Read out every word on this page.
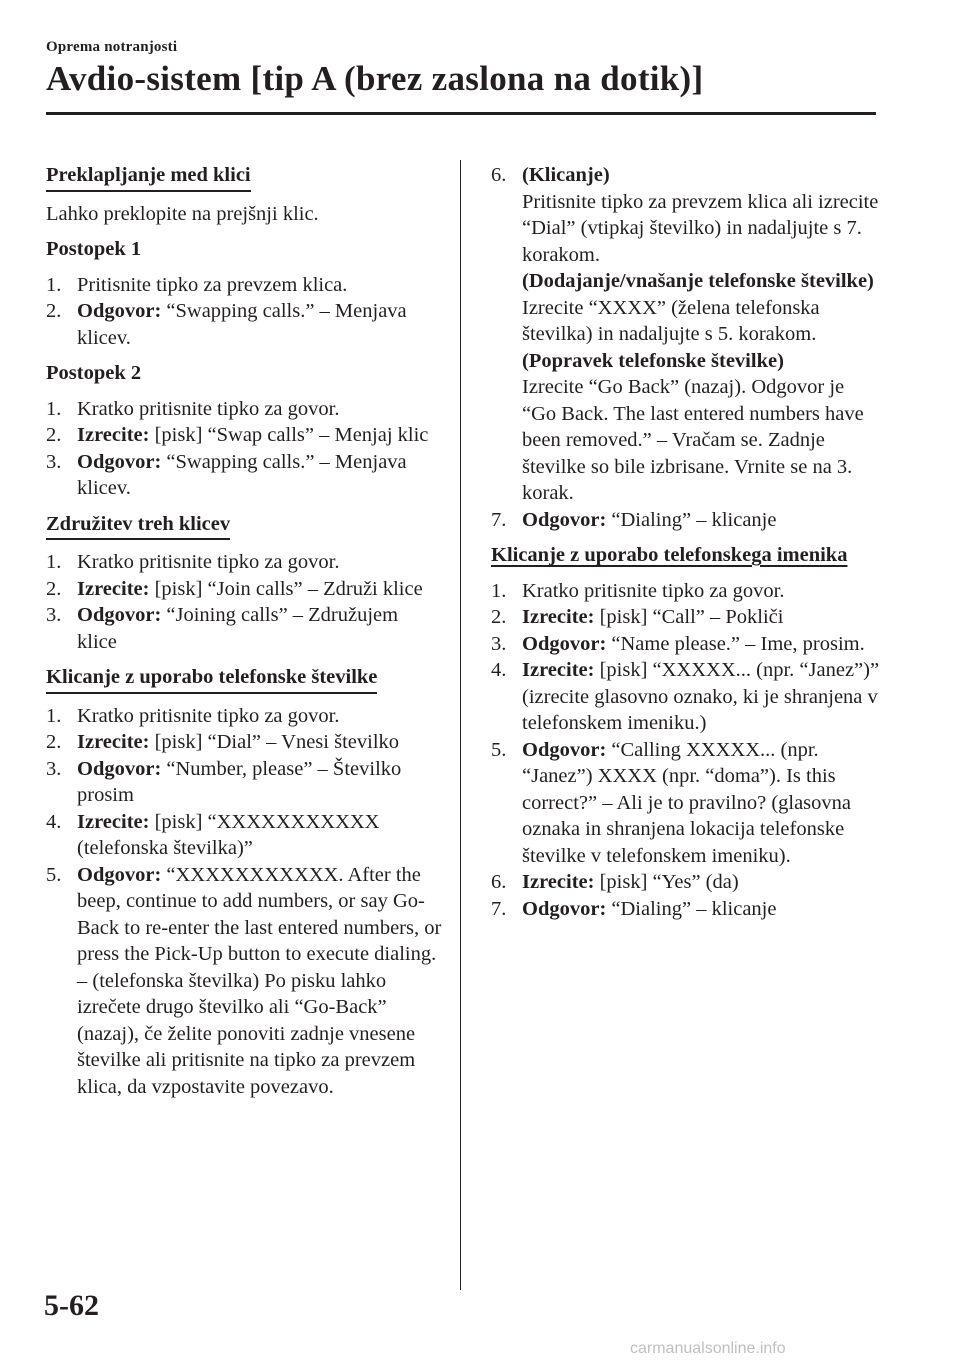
Oprema notranjosti
Avdio-sistem [tip A (brez zaslona na dotik)]
Preklapljanje med klici

Lahko preklopite na prejšnji klic.

Postopek 1

1. Pritisnite tipko za prevzem klica.
2. Odgovor: “Swapping calls.” – Menjava klicev.

Postopek 2

1. Kratko pritisnite tipko za govor.
2. Izrecite: [pisk] “Swap calls” – Menjaj klic
3. Odgovor: “Swapping calls.” – Menjava klicev.
Združitev treh klicev
1. Kratko pritisnite tipko za govor.
2. Izrecite: [pisk] “Join calls” – Združi klice
3. Odgovor: “Joining calls” – Združujem klice
Klicanje z uporabo telefonske številke
1. Kratko pritisnite tipko za govor.
2. Izrecite: [pisk] “Dial” – Vnesi številko
3. Odgovor: “Number, please” – Številko prosim
4. Izrecite: [pisk] “XXXXXXXXXXX (telefonska številka)”
5. Odgovor: “XXXXXXXXXXX. After the beep, continue to add numbers, or say Go-Back to re-enter the last entered numbers, or press the Pick-Up button to execute dialing. – (telefonska številka) Po pisku lahko izrečete drugo številko ali “Go-Back” (nazaj), če želite ponoviti zadnje vnesene številke ali pritisnite na tipko za prevzem klica, da vzpostavite povezavo.
6. (Klicanje)
Pritisnite tipko za prevzem klica ali izrecite “Dial” (vtipkaj številko) in nadaljujte s 7. korakom.
(Dodajanje/vnašanje telefonske številke)
Izrecite “XXXX” (želena telefonska številka) in nadaljujte s 5. korakom.
(Popravek telefonske številke)
Izrecite “Go Back” (nazaj). Odgovor je “Go Back. The last entered numbers have been removed.” – Vračam se. Zadnje številke so bile izbrisane. Vrnite se na 3. korak.
7. Odgovor: “Dialing” – klicanje
Klicanje z uporabo telefonskega imenika
1. Kratko pritisnite tipko za govor.
2. Izrecite: [pisk] “Call” – Pokliči
3. Odgovor: “Name please.” – Ime, prosim.
4. Izrecite: [pisk] “XXXXX... (npr. “Janez”)” (izrecite glasovno oznako, ki je shranjena v telefonskem imeniku.)
5. Odgovor: “Calling XXXXX... (npr. “Janez”) XXXX (npr. “doma”). Is this correct?” – Ali je to pravilno? (glasovna oznaka in shranjena lokacija telefonske številke v telefonskem imeniku).
6. Izrecite: [pisk] “Yes” (da)
7. Odgovor: “Dialing” – klicanje
5-62
carmanualsonline.info
